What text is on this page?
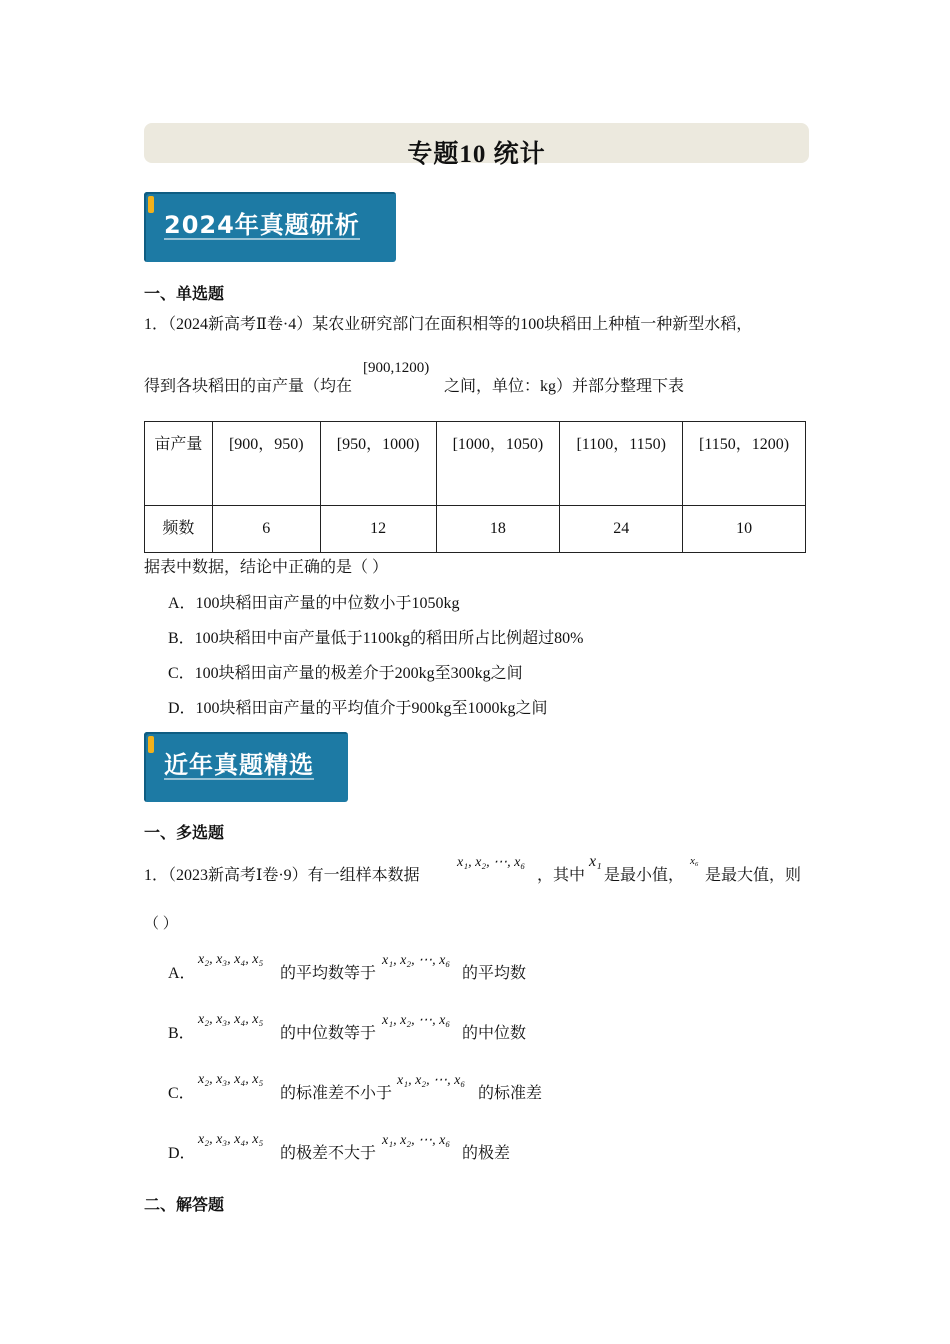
专题10 统计
2024年真题研析
一、单选题
1．（2024新高考Ⅱ卷·4）某农业研究部门在面积相等的100块稻田上种植一种新型水稻，
得到各块稻田的亩产量（均在
[900,1200)
之间，单位：kg）并部分整理下表
亩产量	[900，950)	[950，1000)	[1000，1050)	[1100，1150)	[1150，1200)
频数	6	12	18	24	10
据表中数据，结论中正确的是（ ）
A．100块稻田亩产量的中位数小于1050kg
B．100块稻田中亩产量低于1100kg的稻田所占比例超过80%
C．100块稻田亩产量的极差介于200kg至300kg之间
D．100块稻田亩产量的平均值介于900kg至1000kg之间
近年真题精选
一、多选题
1．（2023新高考Ⅰ卷·9）有一组样本数据
x₁, x₂, ⋯, x₆
，其中
x₁
是最小值，
x₆
是最大值，则
（ ）
A．
x₂, x₃, x₄, x₅
的平均数等于
x₁, x₂, ⋯, x₆
的平均数
B．
x₂, x₃, x₄, x₅
的中位数等于
x₁, x₂, ⋯, x₆
的中位数
C．
x₂, x₃, x₄, x₅
的标准差不小于
x₁, x₂, ⋯, x₆
的标准差
D．
x₂, x₃, x₄, x₅
的极差不大于
x₁, x₂, ⋯, x₆
的极差
二、解答题
